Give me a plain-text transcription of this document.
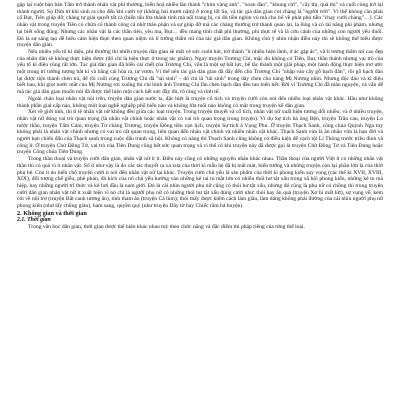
gặp lại vuột bàn bàn Tấm trở thành nhân vật phi thường, biến hoá nhiều lần thành "chim vàng anh", "xoan đào", "khung cửi", "cây thị, quả thị" và cuối cùng trở lại thành người. Sọ Dừa từ khi sinh ra cho đến khi cưới vợ (không hài mươi năm) ở trong lốt Sọ, và tác giả dân gian coi chàng là "người trời". Vì thế không cần phải cố Bụt, Tiên giúp đỡ, chàng tự giải quyết tất cả (biến tấu lửa thành tinh mà nổi trang bị, có đủ tiền nghìn vú mà cho bố về phát phủ tiền "chạy cưới chàng"…). Các nhân vật trong truyện Tiên có chừa có thành công cả nhờ thân phận và sự giúp đỡ mà các chàng thưởng trở thành quan lại, lạ lùng và có tài năng phi phàm, nhưng lại biết sống đúng. Nhưng các nhân vật là các thần tiên, yêu ma, Bụt… đều mang tính chất phi thường, phi thực tế và là cứu cánh của những con người yếu đuối. Đó là sự sáng tạo để biểu cảm hiện thực theo quan niệm và lí tưởng thẩm mĩ của tác giả dân gian. Không chủ ý nhìn nhận điều này thì sẽ không thể hiểu được truyện dân gian.

Nếu nhiều yếu tố kì diệu, phi thường thì nhiều truyện dân gian sẽ mất vẻ sức cuốn hút, trở thành "ít nhiều hiện lành, ở ác gặp ác", và lí tưởng thẩm mĩ cao đẹp của nhân dân sẽ không thực hiện được (đó chỉ là hiện thực ở trong tác phẩm). Ngay truyện Trương Chi, mặc dù không có Tiên, Bụt, thần thánh nhưng vai trò của yếu tố kì diệu cũng rất lớn. Tác giả dân gian đã biến cái chết của Trương Chi, vốn là một sự bất lực, bế tắc thành một giải pháp, một hành động thực hiện mơ ước một trong trí tưởng tượng bắt kì và bằng cái hóa ra, tự vươn. Vì thế nên tác giả dân gian đã đẩy đến cho Trương Chi "nhập vào cây gỗ bạch đàn", rồi gỗ bạch đàn lại được tiện thành chén trà, để rồi cuối cùng Trương Chi đã "tái sinh" – đó chỉ là "tái sinh" trong dây chén cho nàng Mị Nương nhìn. Nhưng độc đáo và kì diệu biết bao, khi giọt nước mắt của Mị Nương rơi xuống thì chí hình ảnh Trương Chi lần chén bạch đàn đều tan biến hết. Bởi vì Trương Chi đã mãn nguyện, và vẫn để mà tác giả dân gian muốn nói đã được thể hiện một cách hết sức đầy đủ, rõ ràng và tinh tế.

Ngoài chân loại nhân vật nói trên, truyện dân gian nước ta, đặc biệt là truyện cổ tích và truyện cười còn nói đến nhiều loại nhân vật khác. Hầu như không thành phần giai cấp nào, không một loại nghề nghiệp phổ biến nào và không lứa tuổi nào không có mặt trong truyện kể dân gian.

Xét về giới tính, thì tỉ lệ nhân vật nữ không đều giữa các loại truyện. Trong truyện thuyết và cổ tích, nhân vật nữ xuất hiện tương đối nhiều; và ở nhiều truyện, nhân vật nữ đóng vai trò quan trọng (là nhân vật chính hoặc nhân vật có vai trò quan trọng trong truyện). Ví dụ Sự tích bà ông Bện, truyện Trầu cau, truyện Lo nước thần, truyện Tấm Cám, truyện Từ chàng Trương, truyện Đồng tiền vạn lịch, truyện Sự tích ả Vọng Phu. Ở truyện Thạch Sanh, công chúa Quỳnh Nga tuy không phải là nhân vật chính nhưng có vai trò rất quan trọng, liên quan đến nhân vật chính và nhiều nhân vật khác. Thạch Sanh vừa là ân nhân vừa là bạn đời và người bạn chiến đấu của Thạch sanh trong cuộc đấu tranh xã hội. Không có nàng thì Thạch Sanh cũng không có điều kiện để vạch tội Lí Thông trước triều đình và công lí. Ở truyện Chử Đồng Tử, vai trò của Tiên Dung cũng hết sức quan trọng và vì thế có khi truyện này đã được gọi là truyện Chử Đồng Tử và Tiên Dung hoặc truyện Công chúa Tiên Dung.

Trong thần thoại và truyện cười dân gian, nhân vật nữ ít ít. Điều này cũng có những nguyên nhân khác nhau. Thần thoại của người Việt ít có những nhân vật thần thì có quá vì ít nhân vật. Số ít như vậy là do các tác thuyết ra xa xưa của thời kì mẫu hệ đã bị mất mát, biến tướng và những truyện còn lại phần lớn là của thời phụ hệ. Còn ít do biến chỗ truyện cười ít nói đến nhân vật nữ lại khác. Truyện cười chủ yếu là sản phẩm của thời kì phong kiến suy vong (các thế kỉ XVII, XVIII, XIX), đối tượng chế giễu, phê phán, đả kích của nó chủ yếu hướng vào những kẻ tai to mặt lớn có nhiều thói hư tật xấu trong xã hội phong kiến, những kẻ tu mà hiệp, hay những người trí thức và kẻ hơi đầu là nam giới. Đó là cái nhìn người phụ nữ cũng có thói hư tật xấu, nhưng đó cũng là phụ nữ có chồng thì trong truyện cười dân gian nhân vật nữ ít xuất hiện vì nó chỉ là người phụ nữ có những thói hư tật xấu đúng cười như: thói hay ăn quà (truyện Xơ bì mất lứt), sự vụng về, kém cỏi về nội trợ (truyện Bắt canh tương ăn), tính tham ăn (truyện Cả lùm); thói thấy được kiếm cách làm giàu, làm dáng không phải đường của cái nhìn người phụ nữ phong kiến (như lấy chồng giàu), ham sang, quyền quý (như truyện Dây tờ hay Chiếc răm bả huyện).

2. Không gian và thời gian
2.1. Thời gian

Trong văn học dân gian, thời gian được thể hiện khác nhau tuỳ theo chức năng và đặc điểm thi pháp riêng của từng thể loại.
